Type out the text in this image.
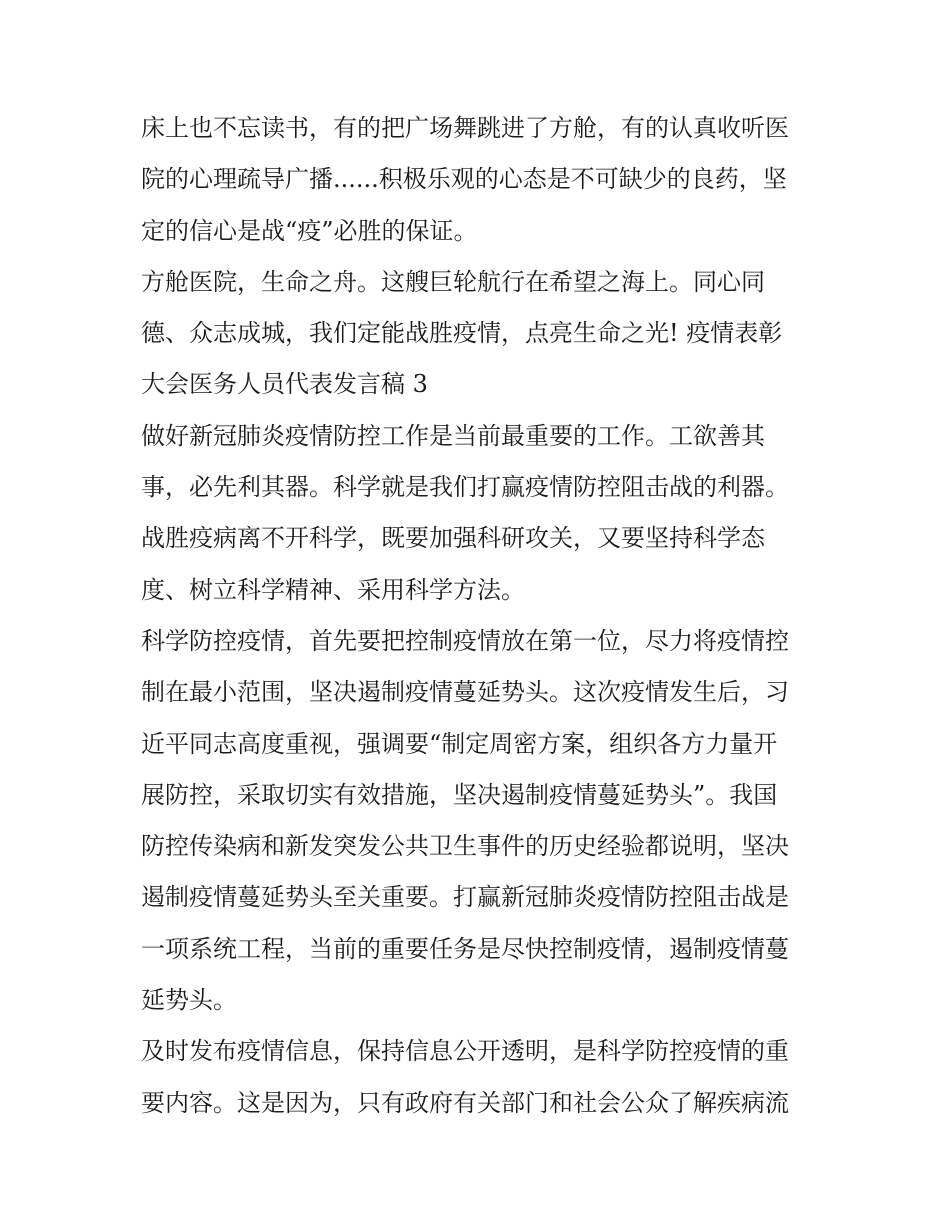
床上也不忘读书，有的把广场舞跳进了方舱，有的认真收听医
院的心理疏导广播......积极乐观的心态是不可缺少的良药，坚
定的信心是战“疫”必胜的保证。
方舱医院，生命之舟。这艘巨轮航行在希望之海上。同心同
德、众志成城，我们定能战胜疫情，点亮生命之光! 疫情表彰
大会医务人员代表发言稿 3
做好新冠肺炎疫情防控工作是当前最重要的工作。工欲善其
事，必先利其器。科学就是我们打赢疫情防控阻击战的利器。
战胜疫病离不开科学，既要加强科研攻关，又要坚持科学态
度、树立科学精神、采用科学方法。
科学防控疫情，首先要把控制疫情放在第一位，尽力将疫情控
制在最小范围，坚决遏制疫情蔓延势头。这次疫情发生后，习
近平同志高度重视，强调要“制定周密方案，组织各方力量开
展防控，采取切实有效措施，坚决遏制疫情蔓延势头”。我国
防控传染病和新发突发公共卫生事件的历史经验都说明，坚决
遏制疫情蔓延势头至关重要。打赢新冠肺炎疫情防控阻击战是
一项系统工程，当前的重要任务是尽快控制疫情，遏制疫情蔓
延势头。
及时发布疫情信息，保持信息公开透明，是科学防控疫情的重
要内容。这是因为，只有政府有关部门和社会公众了解疾病流
